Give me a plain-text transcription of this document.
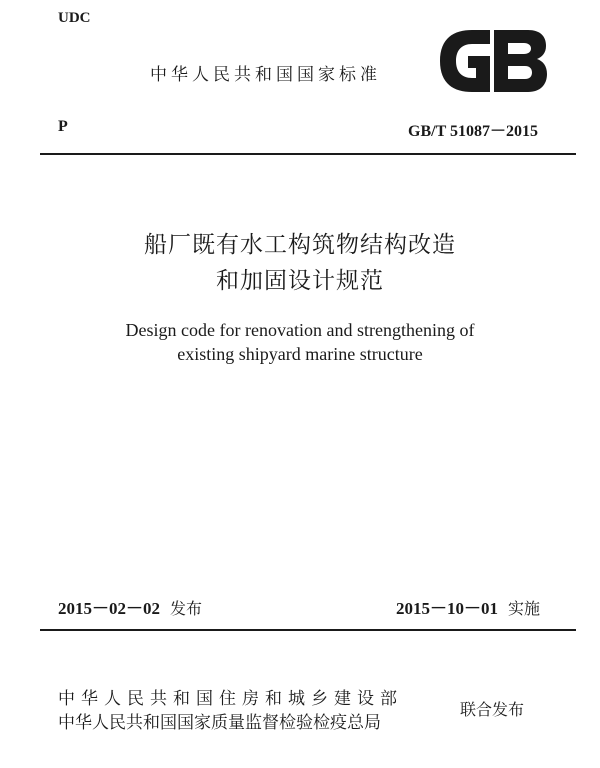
UDC
中华人民共和国国家标准
P	GB/T 51087－2015
船厂既有水工构筑物结构改造
和加固设计规范
Design code for renovation and strengthening of
existing shipyard marine structure
2015－02－02 发布	2015－10－01 实施
中华人民共和国住房和城乡建设部
中华人民共和国国家质量监督检验检疫总局
联合发布
